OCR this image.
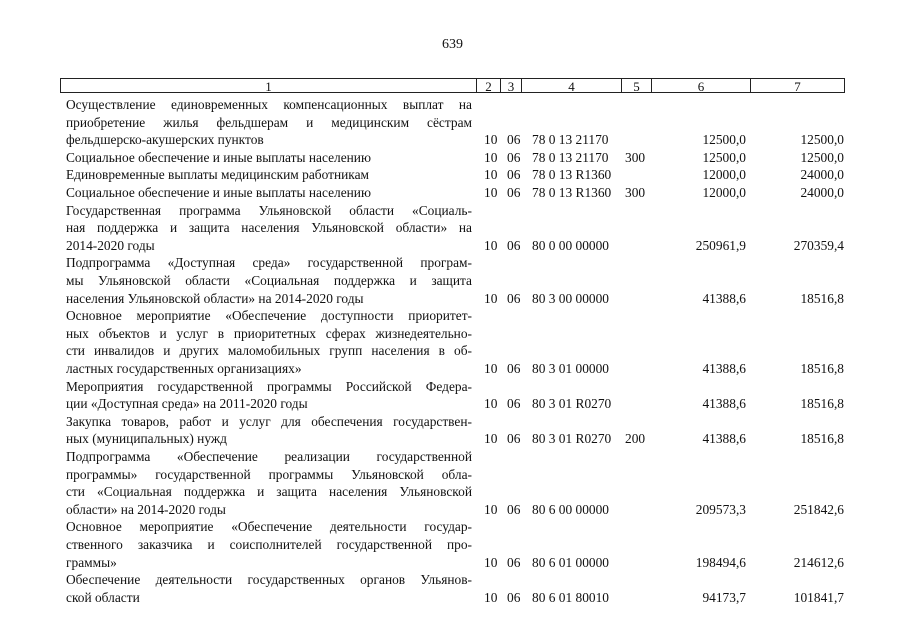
639
1	2	3	4	5	6	7
Осуществление единовременных компенсационных выплат на
приобретение жилья фельдшерам и медицинским сёстрам
фельдшерско-акушерских пунктов	10 06 78 0 13 21170	12500,0	12500,0
Социальное обеспечение и иные выплаты населению	10 06 78 0 13 21170 300	12500,0	12500,0
Единовременные выплаты медицинским работникам	10 06 78 0 13 R1360	12000,0	24000,0
Социальное обеспечение и иные выплаты населению	10 06 78 0 13 R1360 300	12000,0	24000,0
Государственная программа Ульяновской области «Социаль-
ная поддержка и защита населения Ульяновской области» на
2014-2020 годы	10 06 80 0 00 00000	250961,9	270359,4
Подпрограмма «Доступная среда» государственной програм-
мы Ульяновской области «Социальная поддержка и защита
населения Ульяновской области» на 2014-2020 годы	10 06 80 3 00 00000	41388,6	18516,8
Основное мероприятие «Обеспечение доступности приоритет-
ных объектов и услуг в приоритетных сферах жизнедеятельно-
сти инвалидов и других маломобильных групп населения в об-
ластных государственных организациях»	10 06 80 3 01 00000	41388,6	18516,8
Мероприятия государственной программы Российской Федера-
ции «Доступная среда» на 2011-2020 годы	10 06 80 3 01 R0270	41388,6	18516,8
Закупка товаров, работ и услуг для обеспечения государствен-
ных (муниципальных) нужд	10 06 80 3 01 R0270 200	41388,6	18516,8
Подпрограмма «Обеспечение реализации государственной
программы» государственной программы Ульяновской обла-
сти «Социальная поддержка и защита населения Ульяновской
области» на 2014-2020 годы	10 06 80 6 00 00000	209573,3	251842,6
Основное мероприятие «Обеспечение деятельности государ-
ственного заказчика и соисполнителей государственной про-
граммы»	10 06 80 6 01 00000	198494,6	214612,6
Обеспечение деятельности государственных органов Ульянов-
ской области	10 06 80 6 01 80010	94173,7	101841,7
